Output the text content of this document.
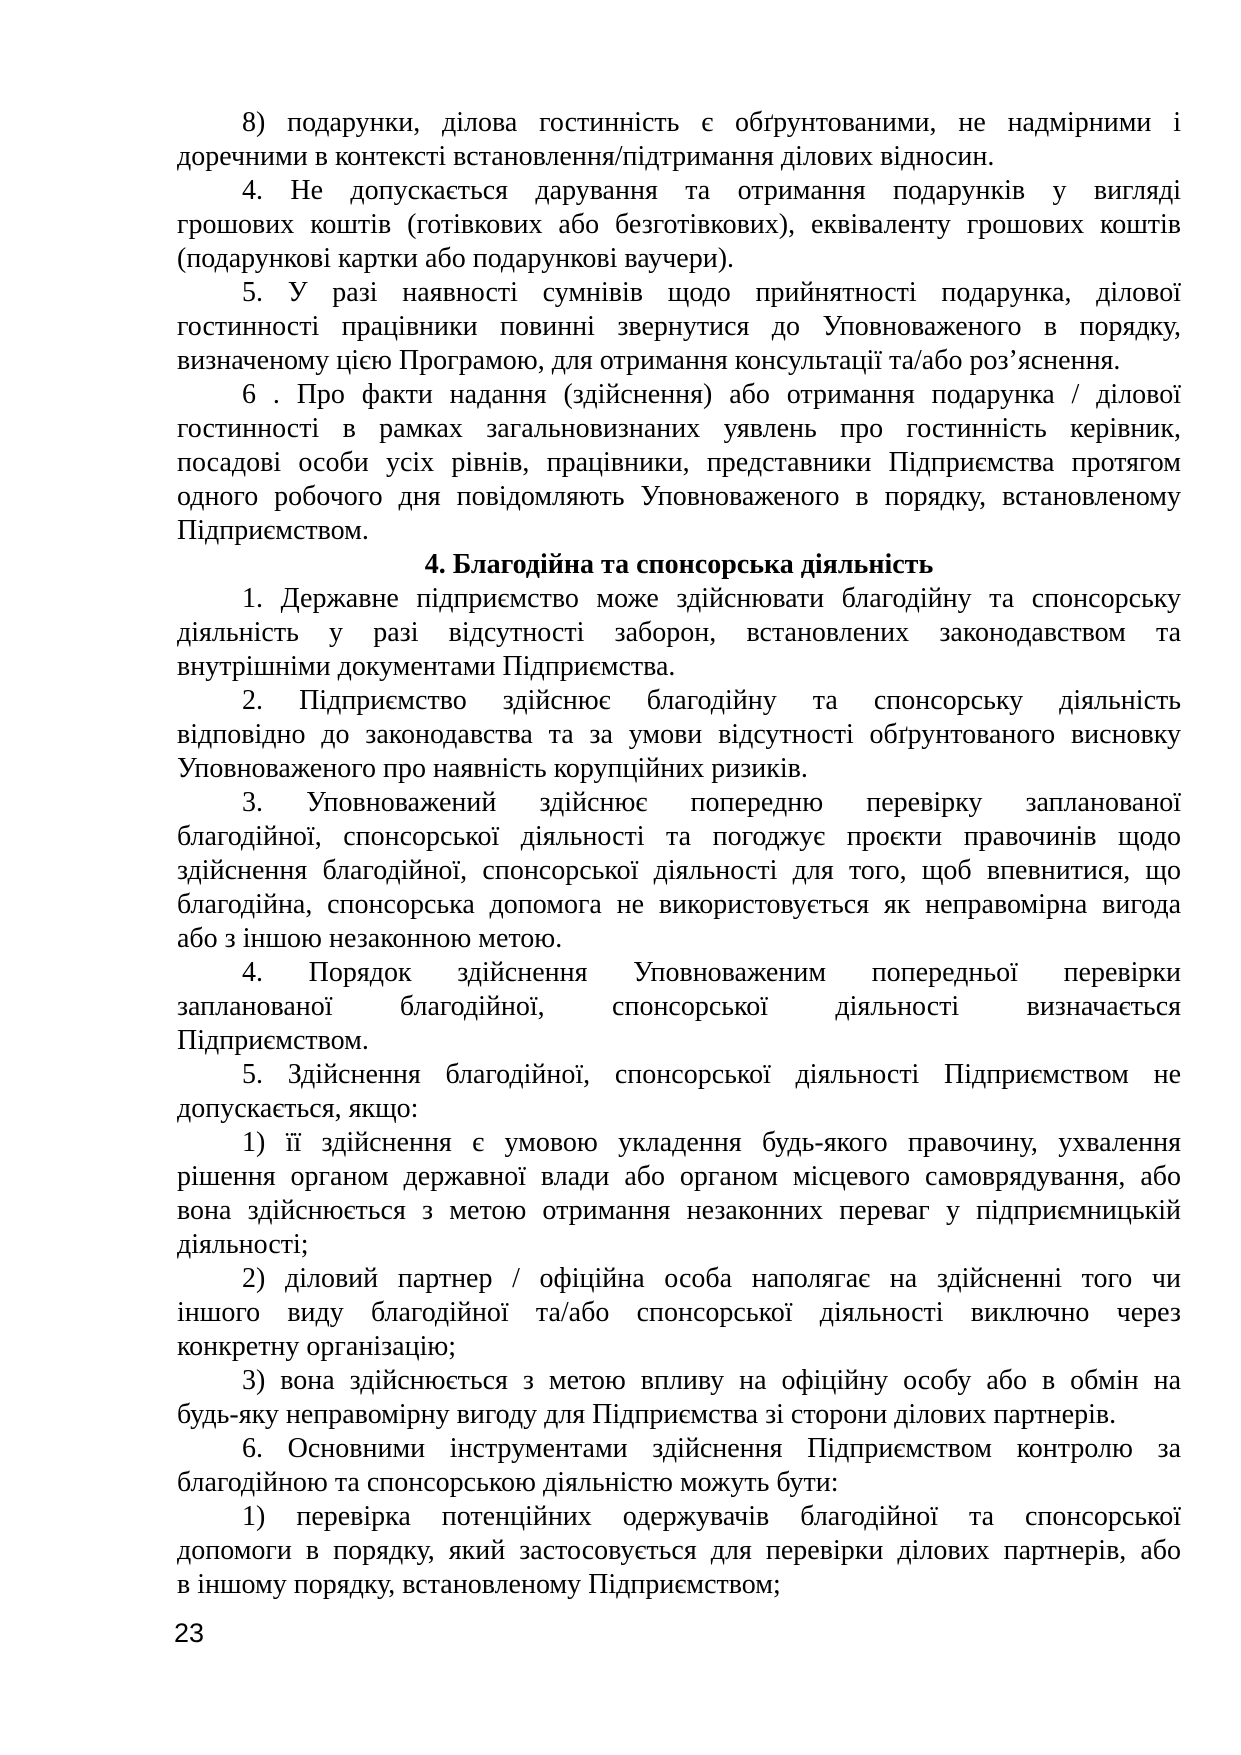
8) подарунки, ділова гостинність є обґрунтованими, не надмірними і
доречними в контексті встановлення/підтримання ділових відносин.
4. Не допускається дарування та отримання подарунків у вигляді
грошових коштів (готівкових або безготівкових), еквіваленту грошових коштів
(подарункові картки або подарункові ваучери).
5. У разі наявності сумнівів щодо прийнятності подарунка, ділової
гостинності працівники повинні звернутися до Уповноваженого в порядку,
визначеному цією Програмою, для отримання консультації та/або роз’яснення.
6 . Про факти надання (здійснення) або отримання подарунка / ділової
гостинності в рамках загальновизнаних уявлень про гостинність керівник,
посадові особи усіх рівнів, працівники, представники Підприємства протягом
одного робочого дня повідомляють Уповноваженого в порядку, встановленому
Підприємством.
4. Благодійна та спонсорська діяльність
1. Державне підприємство може здійснювати благодійну та спонсорську
діяльність у разі відсутності заборон, встановлених законодавством та
внутрішніми документами Підприємства.
2. Підприємство здійснює благодійну та спонсорську діяльність
відповідно до законодавства та за умови відсутності обґрунтованого висновку
Уповноваженого про наявність корупційних ризиків.
3. Уповноважений здійснює попередню перевірку запланованої
благодійної, спонсорської діяльності та погоджує проєкти правочинів щодо
здійснення благодійної, спонсорської діяльності для того, щоб впевнитися, що
благодійна, спонсорська допомога не використовується як неправомірна вигода
або з іншою незаконною метою.
4. Порядок здійснення Уповноваженим попередньої перевірки
запланованої благодійної, спонсорської діяльності визначається
Підприємством.
5. Здійснення благодійної, спонсорської діяльності Підприємством не
допускається, якщо:
1) її здійснення є умовою укладення будь-якого правочину, ухвалення
рішення органом державної влади або органом місцевого самоврядування, або
вона здійснюється з метою отримання незаконних переваг у підприємницькій
діяльності;
2) діловий партнер / офіційна особа наполягає на здійсненні того чи
іншого виду благодійної та/або спонсорської діяльності виключно через
конкретну організацію;
3) вона здійснюється з метою впливу на офіційну особу або в обмін на
будь-яку неправомірну вигоду для Підприємства зі сторони ділових партнерів.
6. Основними інструментами здійснення Підприємством контролю за
благодійною та спонсорською діяльністю можуть бути:
1) перевірка потенційних одержувачів благодійної та спонсорської
допомоги в порядку, який застосовується для перевірки ділових партнерів, або
в іншому порядку, встановленому Підприємством;
23
